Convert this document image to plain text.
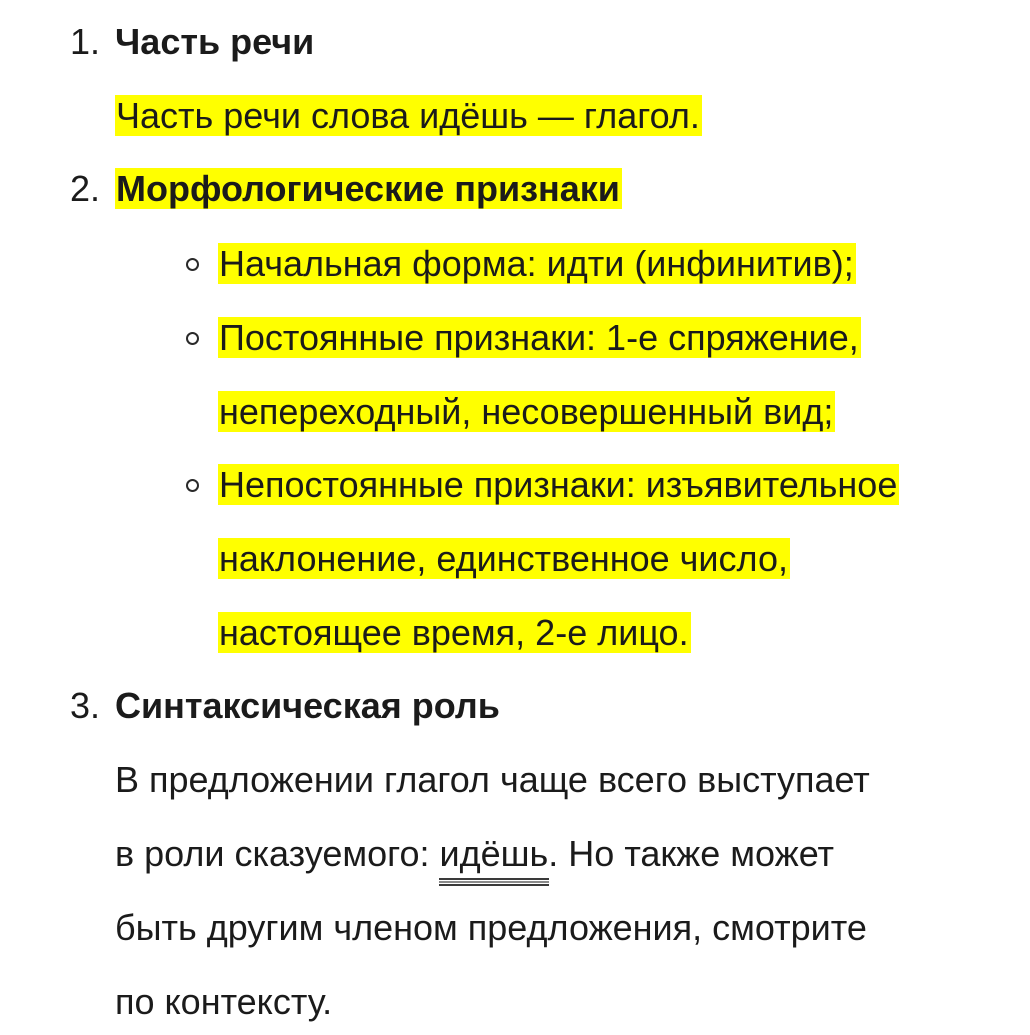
1. Часть речи
Часть речи слова идёшь — глагол.
2. Морфологические признаки
Начальная форма: идти (инфинитив);
Постоянные признаки: 1-е спряжение,
непереходный, несовершенный вид;
Непостоянные признаки: изъявительное
наклонение, единственное число,
настоящее время, 2-е лицо.
3. Синтаксическая роль
В предложении глагол чаще всего выступает
в роли сказуемого: идёшь. Но также может
быть другим членом предложения, смотрите
по контексту.
